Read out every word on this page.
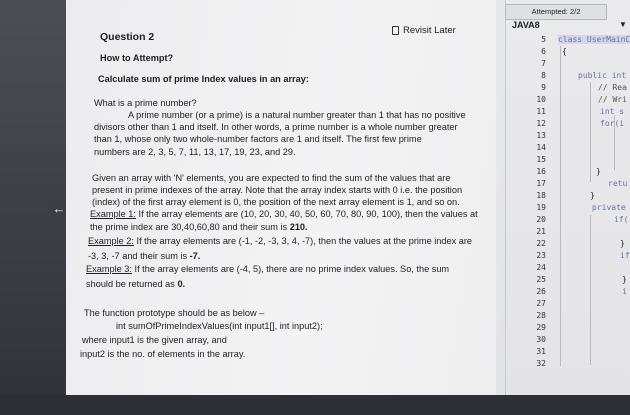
←
Question 2
Revisit Later
How to Attempt?
Calculate sum of prime Index values in an array:
What is a prime number?
A prime number (or a prime) is a natural number greater than 1 that has no positive
divisors other than 1 and itself. In other words, a prime number is a whole number greater
than 1, whose only two whole-number factors are 1 and itself. The first few prime
numbers are 2, 3, 5, 7, 11, 13, 17, 19, 23, and 29.
Given an array with 'N' elements, you are expected to find the sum of the values that are
present in prime indexes of the array. Note that the array index starts with 0 i.e. the position
(index) of the first array element is 0, the position of the next array element is 1, and so on.
Example 1: If the array elements are (10, 20, 30, 40, 50, 60, 70, 80, 90, 100), then the values at
the prime index are 30,40,60,80 and their sum is 210.
Example 2: If the array elements are (-1, -2, -3, 3, 4, -7), then the values at the prime index are
-3, 3, -7 and their sum is -7.
Example 3: If the array elements are (-4, 5), there are no prime index values. So, the sum
should be returned as 0.
The function prototype should be as below –
int sumOfPrimeIndexValues(int input1[], int input2);
where input1 is the given array, and
input2 is the no. of elements in the array.
Attempted: 2/2
JAVA8	▼
5
6
7
8
9
10
11
12
13
14
15
16
17
18
19
20
21
22
23
24
25
26
27
28
29
30
31
32
class UserMainC
{
public int
// Rea
// Wri
int s
for(i
}
retu
}
private
if(
}
if
}
i
